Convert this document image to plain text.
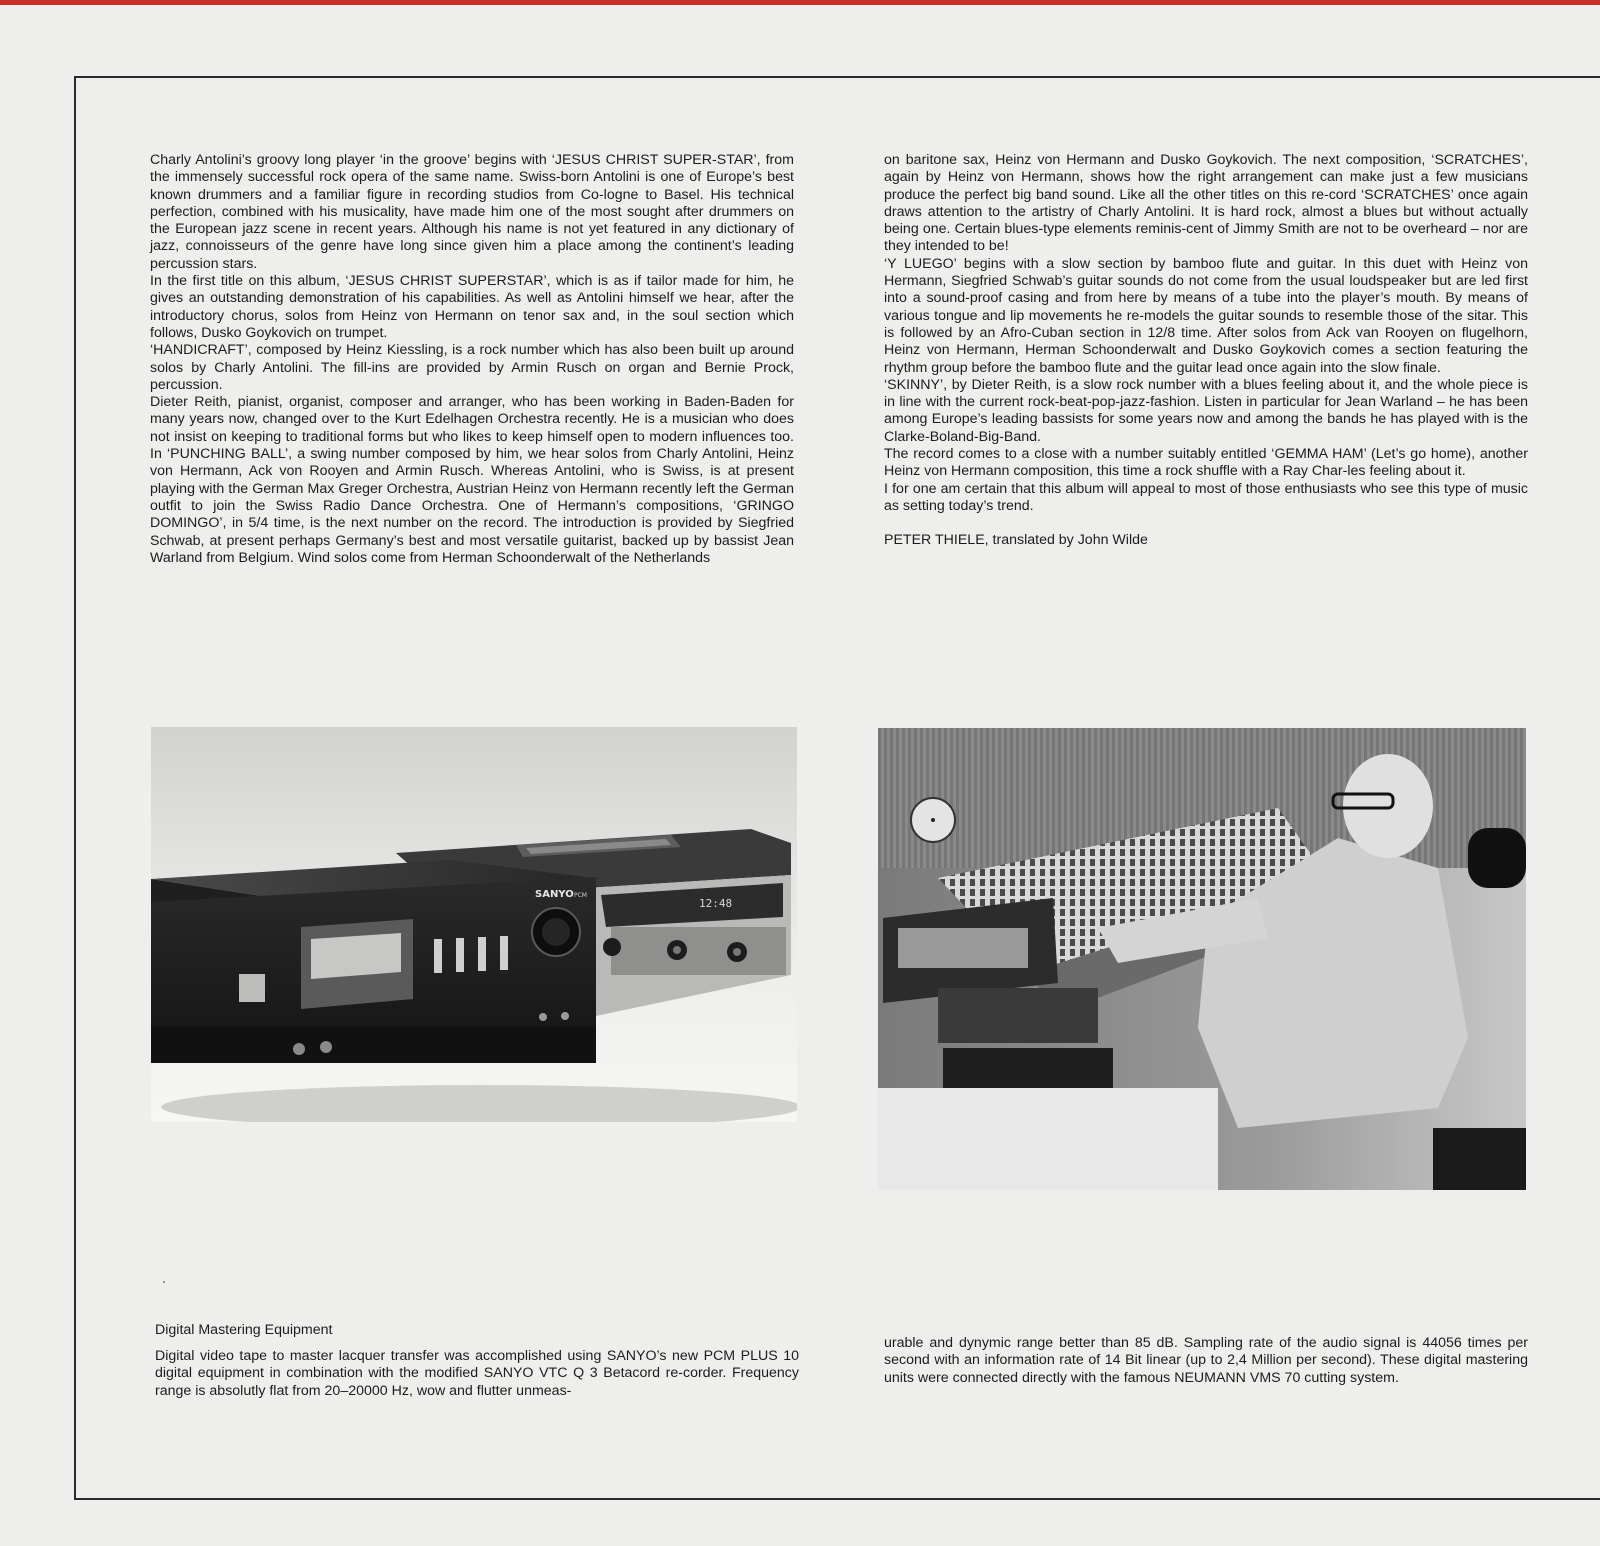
Charly Antolini’s groovy long player ‘in the groove’ begins with ‘JESUS CHRIST SUPER-STAR’, from the immensely successful rock opera of the same name. Swiss-born Antolini is one of Europe’s best known drummers and a familiar figure in recording studios from Co-logne to Basel. His technical perfection, combined with his musicality, have made him one of the most sought after drummers on the European jazz scene in recent years. Although his name is not yet featured in any dictionary of jazz, connoisseurs of the genre have long since given him a place among the continent’s leading percussion stars.

In the first title on this album, ‘JESUS CHRIST SUPERSTAR’, which is as if tailor made for him, he gives an outstanding demonstration of his capabilities. As well as Antolini himself we hear, after the introductory chorus, solos from Heinz von Hermann on tenor sax and, in the soul section which follows, Dusko Goykovich on trumpet.

‘HANDICRAFT’, composed by Heinz Kiessling, is a rock number which has also been built up around solos by Charly Antolini. The fill-ins are provided by Armin Rusch on organ and Bernie Prock, percussion.

Dieter Reith, pianist, organist, composer and arranger, who has been working in Baden-Baden for many years now, changed over to the Kurt Edelhagen Orchestra recently. He is a musician who does not insist on keeping to traditional forms but who likes to keep himself open to modern influences too. In ‘PUNCHING BALL’, a swing number composed by him, we hear solos from Charly Antolini, Heinz von Hermann, Ack von Rooyen and Armin Rusch. Whereas Antolini, who is Swiss, is at present playing with the German Max Greger Orchestra, Austrian Heinz von Hermann recently left the German outfit to join the Swiss Radio Dance Orchestra. One of Hermann’s compositions, ‘GRINGO DOMINGO’, in 5/4 time, is the next number on the record. The introduction is provided by Siegfried Schwab, at present perhaps Germany’s best and most versatile guitarist, backed up by bassist Jean Warland from Belgium. Wind solos come from Herman Schoonderwalt of the Netherlands

on baritone sax, Heinz von Hermann and Dusko Goykovich. The next composition, ‘SCRATCHES’, again by Heinz von Hermann, shows how the right arrangement can make just a few musicians produce the perfect big band sound. Like all the other titles on this re-cord ‘SCRATCHES’ once again draws attention to the artistry of Charly Antolini. It is hard rock, almost a blues but without actually being one. Certain blues-type elements reminis-cent of Jimmy Smith are not to be overheard – nor are they intended to be!

‘Y LUEGO’ begins with a slow section by bamboo flute and guitar. In this duet with Heinz von Hermann, Siegfried Schwab’s guitar sounds do not come from the usual loudspeaker but are led first into a sound-proof casing and from here by means of a tube into the player’s mouth. By means of various tongue and lip movements he re-models the guitar sounds to resemble those of the sitar. This is followed by an Afro-Cuban section in 12/8 time. After solos from Ack van Rooyen on flugelhorn, Heinz von Hermann, Herman Schoonderwalt and Dusko Goykovich comes a section featuring the rhythm group before the bamboo flute and the guitar lead once again into the slow finale.

‘SKINNY’, by Dieter Reith, is a slow rock number with a blues feeling about it, and the whole piece is in line with the current rock-beat-pop-jazz-fashion. Listen in particular for Jean Warland – he has been among Europe’s leading bassists for some years now and among the bands he has played with is the Clarke-Boland-Big-Band.

The record comes to a close with a number suitably entitled ‘GEMMA HAM’ (Let’s go home), another Heinz von Hermann composition, this time a rock shuffle with a Ray Char-les feeling about it.

I for one am certain that this album will appeal to most of those enthusiasts who see this type of music as setting today’s trend.

PETER THIELE, translated by John Wilde

12:48
SANYO PCM
Digital Mastering Equipment
Digital video tape to master lacquer transfer was accomplished using SANYO’s new PCM PLUS 10 digital equipment in combination with the modified SANYO VTC Q 3 Betacord re-corder. Frequency range is absolutly flat from 20–20000 Hz, wow and flutter unmeas-
urable and dynymic range better than 85 dB. Sampling rate of the audio signal is 44056 times per second with an information rate of 14 Bit linear (up to 2,4 Million per second). These digital mastering units were connected directly with the famous NEUMANN VMS 70 cutting system.
